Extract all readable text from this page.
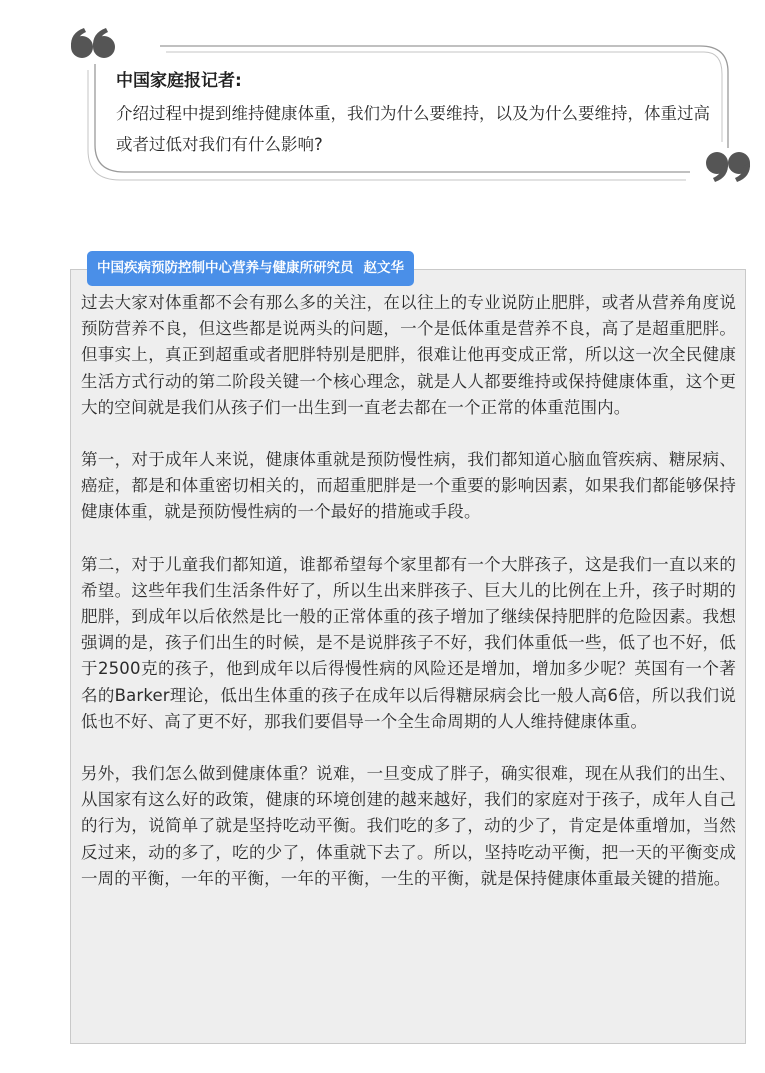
中国家庭报记者:

介绍过程中提到维持健康体重，我们为什么要维持，以及为什么要维持，体重过高或者过低对我们有什么影响?

中国疾病预防控制中心营养与健康所研究员 赵文华

过去大家对体重都不会有那么多的关注，在以往上的专业说防止肥胖，或者从营养角度说预防营养不良，但这些都是说两头的问题，一个是低体重是营养不良，高了是超重肥胖。但事实上，真正到超重或者肥胖特别是肥胖，很难让他再变成正常，所以这一次全民健康生活方式行动的第二阶段关键一个核心理念，就是人人都要维持或保持健康体重，这个更大的空间就是我们从孩子们一出生到一直老去都在一个正常的体重范围内。

第一，对于成年人来说，健康体重就是预防慢性病，我们都知道心脑血管疾病、糖尿病、癌症，都是和体重密切相关的，而超重肥胖是一个重要的影响因素，如果我们都能够保持健康体重，就是预防慢性病的一个最好的措施或手段。

第二，对于儿童我们都知道，谁都希望每个家里都有一个大胖孩子，这是我们一直以来的希望。这些年我们生活条件好了，所以生出来胖孩子、巨大儿的比例在上升，孩子时期的肥胖，到成年以后依然是比一般的正常体重的孩子增加了继续保持肥胖的危险因素。我想强调的是，孩子们出生的时候，是不是说胖孩子不好，我们体重低一些，低了也不好，低于2500克的孩子，他到成年以后得慢性病的风险还是增加，增加多少呢？英国有一个著名的Barker理论，低出生体重的孩子在成年以后得糖尿病会比一般人高6倍，所以我们说低也不好、高了更不好，那我们要倡导一个全生命周期的人人维持健康体重。

另外，我们怎么做到健康体重？说难，一旦变成了胖子，确实很难，现在从我们的出生、从国家有这么好的政策，健康的环境创建的越来越好，我们的家庭对于孩子，成年人自己的行为，说简单了就是坚持吃动平衡。我们吃的多了，动的少了，肯定是体重增加，当然反过来，动的多了，吃的少了，体重就下去了。所以，坚持吃动平衡，把一天的平衡变成一周的平衡，一年的平衡，一年的平衡，一生的平衡，就是保持健康体重最关键的措施。
